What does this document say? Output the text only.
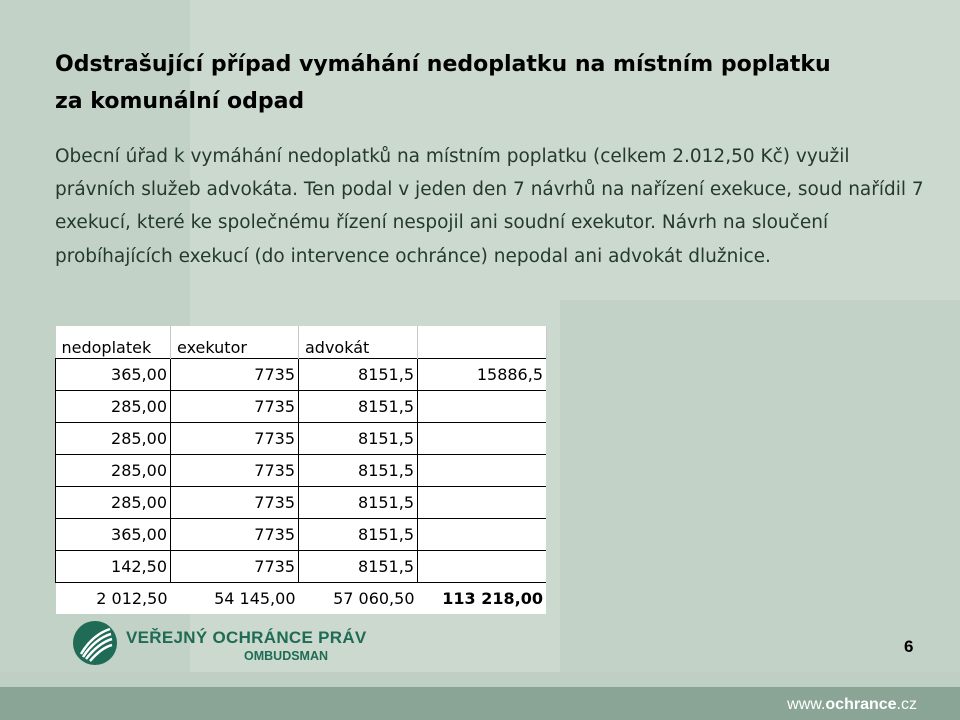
Odstrašující případ vymáhání nedoplatku na místním poplatku
za komunální odpad
Obecní úřad k vymáhání nedoplatků na místním poplatku (celkem 2.012,50 Kč) využil právních služeb advokáta. Ten podal v jeden den 7 návrhů na nařízení exekuce, soud nařídil 7 exekucí, které ke společnému řízení nespojil ani soudní exekutor. Návrh na sloučení probíhajících exekucí (do intervence ochránce) nepodal ani advokát dlužnice.
nedoplatek	exekutor	advokát	
365,00	7735	8151,5	15886,5
285,00	7735	8151,5	
285,00	7735	8151,5	
285,00	7735	8151,5	
285,00	7735	8151,5	
365,00	7735	8151,5	
142,50	7735	8151,5	
2 012,50	54 145,00	57 060,50	113 218,00
VEŘEJNÝ OCHRÁNCE PRÁV
OMBUDSMAN	6
www.ochrance.cz
